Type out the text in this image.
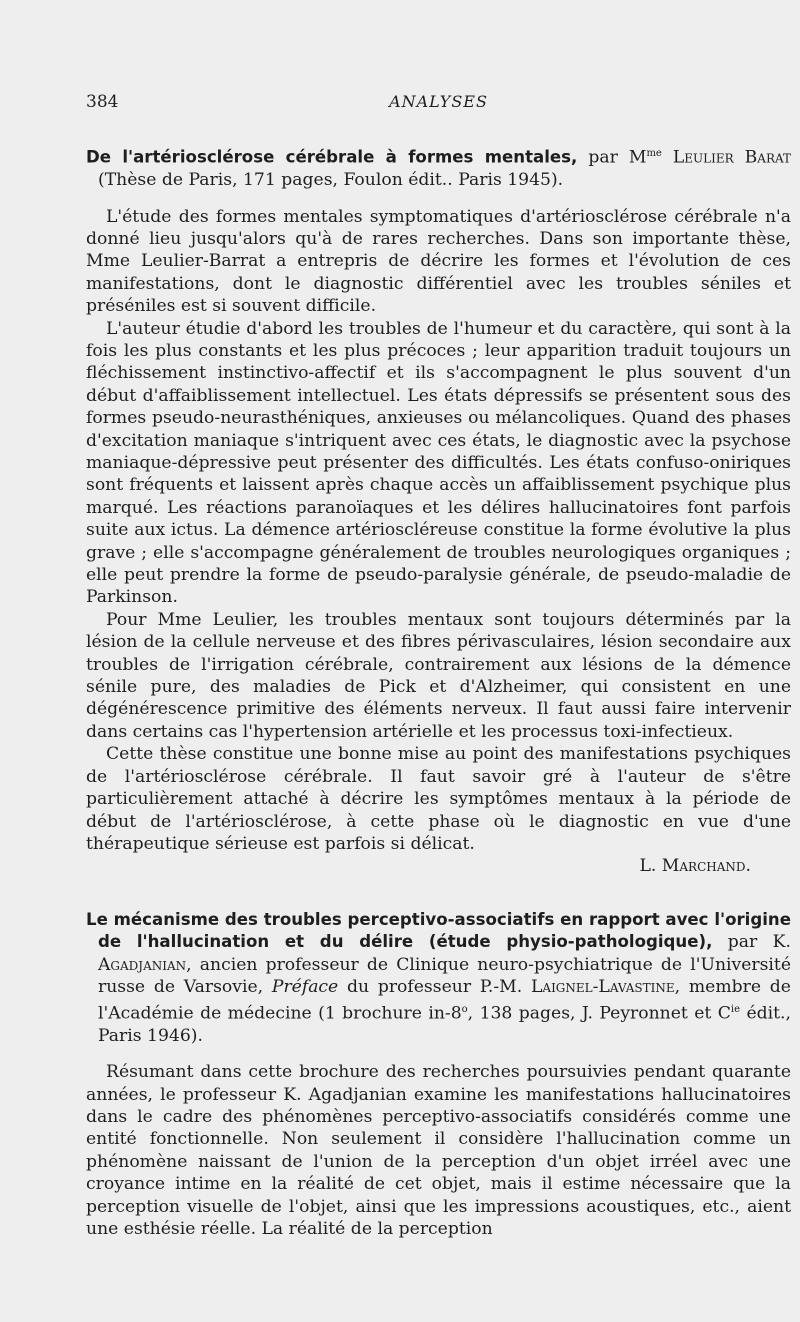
384	ANALYSES
De l'artériosclérose cérébrale à formes mentales, par $M^{me}$ Leulier Barat (Thèse de Paris, 171 pages, Foulon édit.. Paris 1945).

L'étude des formes mentales symptomatiques d'artériosclérose cérébrale n'a donné lieu jusqu'alors qu'à de rares recherches. Dans son importante thèse, Mme Leulier-Barrat a entrepris de décrire les formes et l'évolution de ces manifestations, dont le diagnostic différentiel avec les troubles séniles et préséniles est si souvent difficile.

L'auteur étudie d'abord les troubles de l'humeur et du caractère, qui sont à la fois les plus constants et les plus précoces ; leur apparition traduit toujours un fléchissement instinctivo-affectif et ils s'accompagnent le plus souvent d'un début d'affaiblissement intellectuel. Les états dépressifs se présentent sous des formes pseudo-neurasthéniques, anxieuses ou mélancoliques. Quand des phases d'excitation maniaque s'intriquent avec ces états, le diagnostic avec la psychose maniaque-dépressive peut présenter des difficultés. Les états confuso-oniriques sont fréquents et laissent après chaque accès un affaiblissement psychique plus marqué. Les réactions paranoïaques et les délires hallucinatoires font parfois suite aux ictus. La démence artérioscléreuse constitue la forme évolutive la plus grave ; elle s'accompagne généralement de troubles neurologiques organiques ; elle peut prendre la forme de pseudo-paralysie générale, de pseudo-maladie de Parkinson.

Pour Mme Leulier, les troubles mentaux sont toujours déterminés par la lésion de la cellule nerveuse et des fibres périvasculaires, lésion secondaire aux troubles de l'irrigation cérébrale, contrairement aux lésions de la démence sénile pure, des maladies de Pick et d'Alzheimer, qui consistent en une dégénérescence primitive des éléments nerveux. Il faut aussi faire intervenir dans certains cas l'hypertension artérielle et les processus toxi-infectieux.

Cette thèse constitue une bonne mise au point des manifestations psychiques de l'artériosclérose cérébrale. Il faut savoir gré à l'auteur de s'être particulièrement attaché à décrire les symptômes mentaux à la période de début de l'artériosclérose, à cette phase où le diagnostic en vue d'une thérapeutique sérieuse est parfois si délicat.

L. Marchand.

Le mécanisme des troubles perceptivo-associatifs en rapport avec l'origine de l'hallucination et du délire (étude physio-pathologique), par K. Agadjanian, ancien professeur de Clinique neuro-psychiatrique de l'Université russe de Varsovie, Préface du professeur P.-M. Laignel-Lavastine, membre de l'Académie de médecine (1 brochure in-8$^o$, 138 pages, J. Peyronnet et $C^{ie}$ édit., Paris 1946).

Résumant dans cette brochure des recherches poursuivies pendant quarante années, le professeur K. Agadjanian examine les manifestations hallucinatoires dans le cadre des phénomènes perceptivo-associatifs considérés comme une entité fonctionnelle. Non seulement il considère l'hallucination comme un phénomène naissant de l'union de la perception d'un objet irréel avec une croyance intime en la réalité de cet objet, mais il estime nécessaire que la perception visuelle de l'objet, ainsi que les impressions acoustiques, etc., aient une esthésie réelle. La réalité de la perception
